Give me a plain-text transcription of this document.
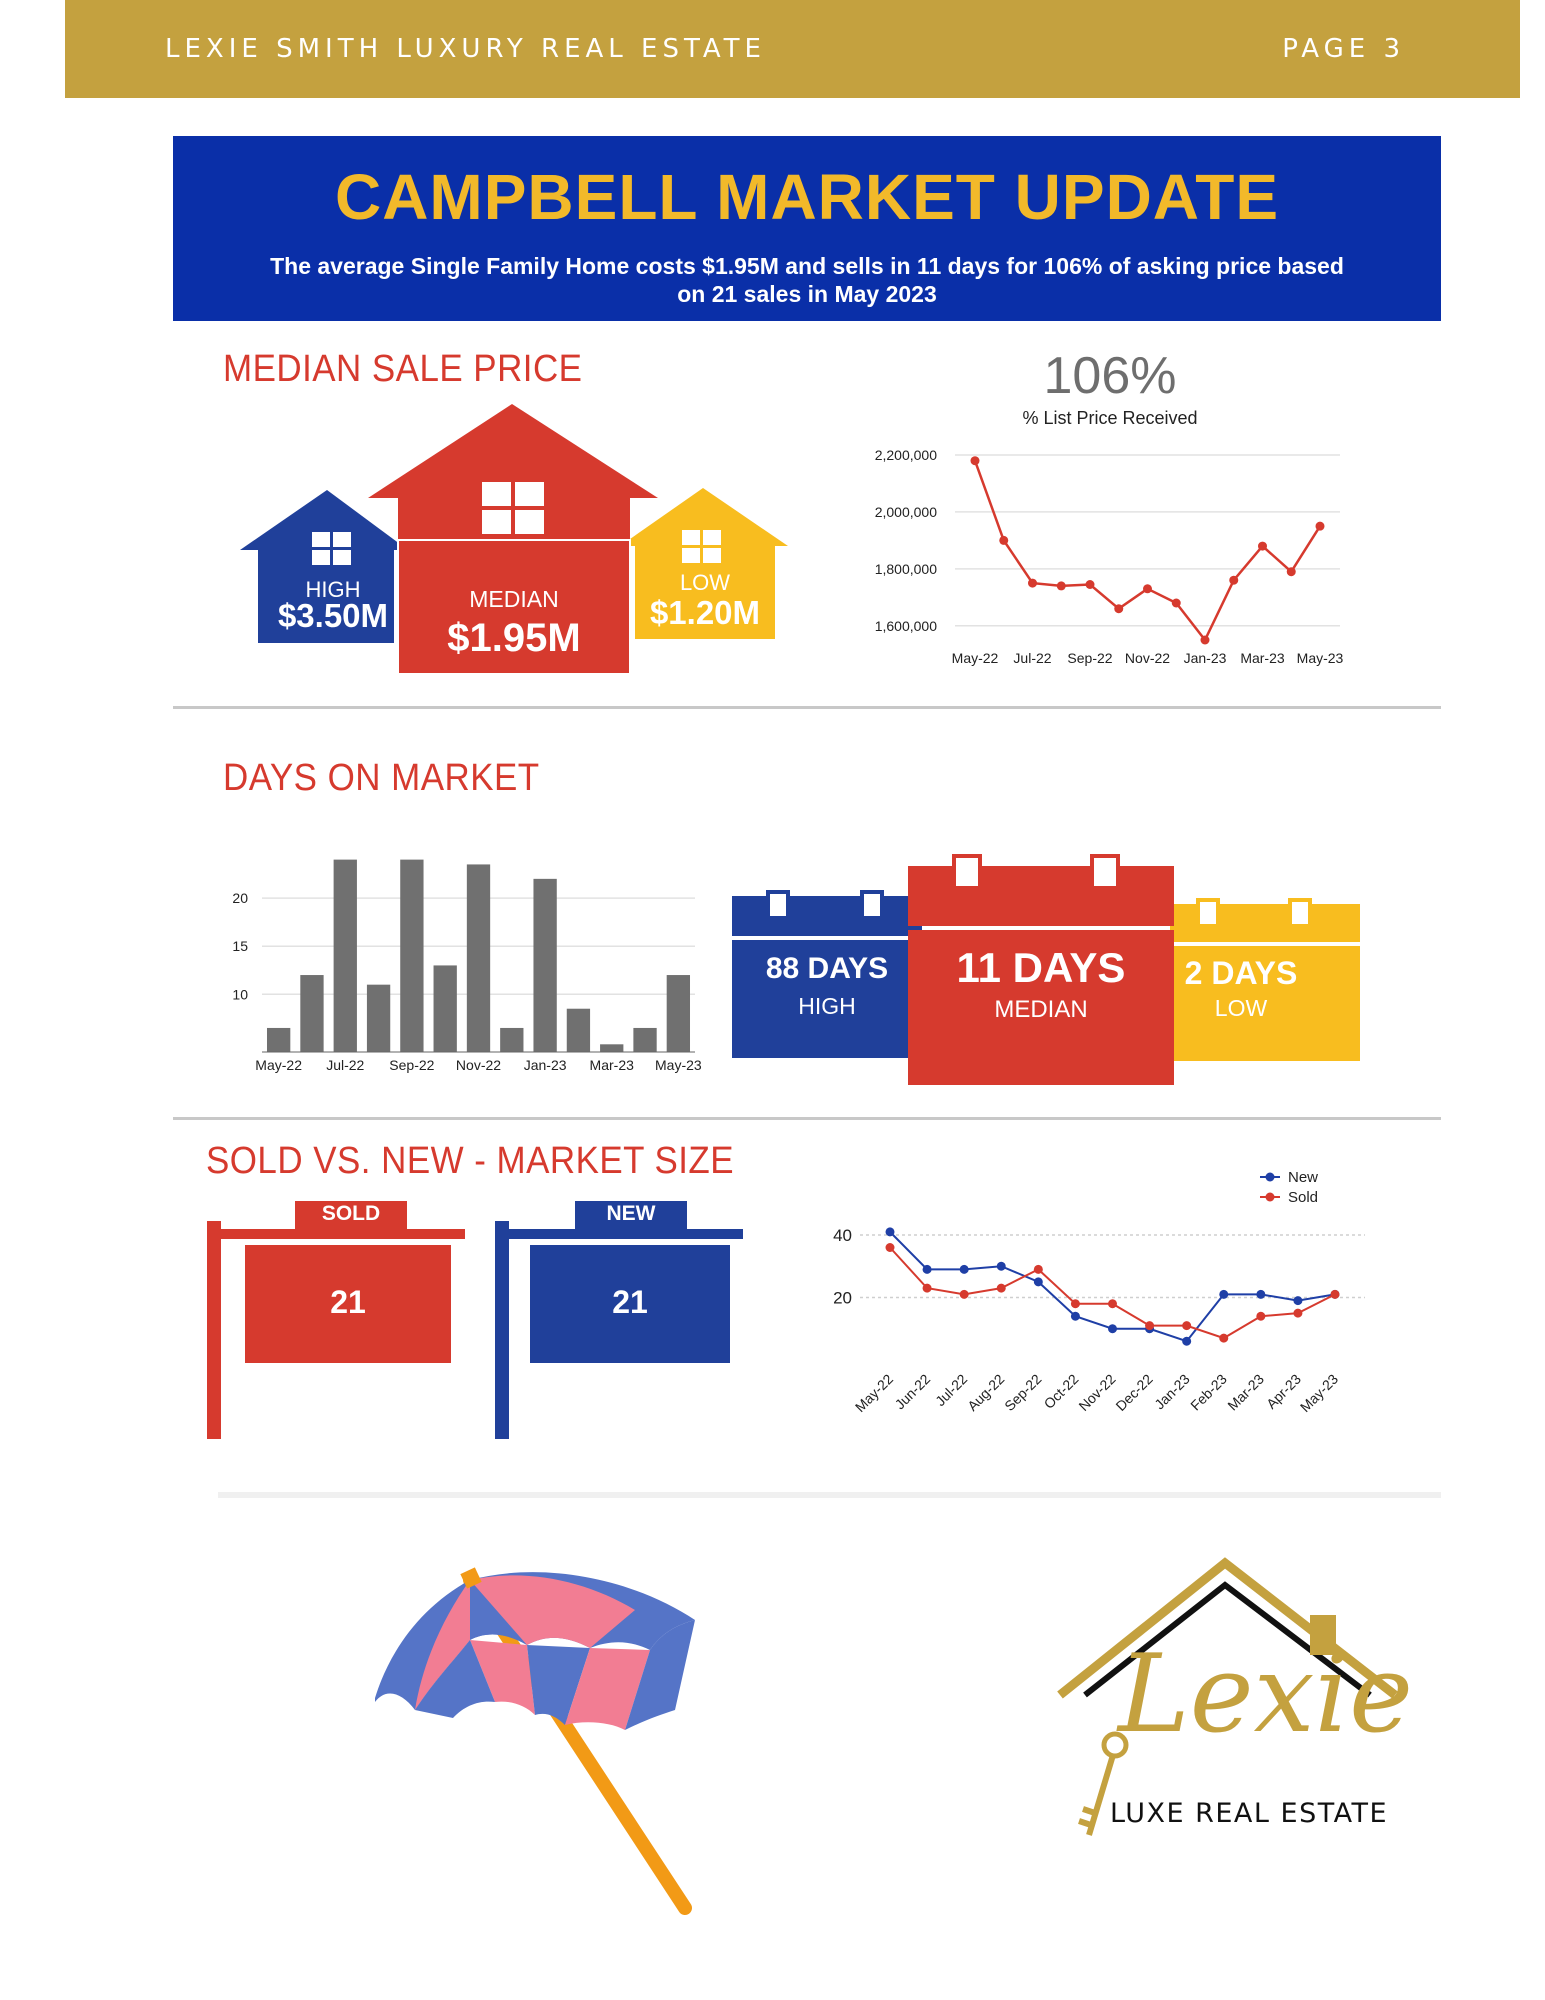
LEXIE SMITH LUXURY REAL ESTATE	PAGE 3
CAMPBELL MARKET UPDATE
The average Single Family Home costs $1.95M and sells in 11 days for 106% of asking price based on 21 sales in May 2023
MEDIAN SALE PRICE
HIGH
$3.50M	MEDIAN
$1.95M
LOW
$1.20M
106%
% List Price Received
1,600,000
1,800,000
2,000,000
2,200,000
May-22 Jul-22 Sep-22 Nov-22 Jan-23 Mar-23 May-23
DAYS ON MARKET
10
15
20
May-22 Jul-22 Sep-22 Nov-22 Jan-23 Mar-23 May-23
88 DAYS
HIGH
11 DAYS
MEDIAN
2 DAYS
LOW
SOLD VS. NEW - MARKET SIZE
SOLD
21
NEW
21	20
40
May-22
Jun-22
Jul-22
Aug-22
Sep-22
Oct-22
Nov-22
Dec-22
Jan-23
Feb-23
Mar-23
Apr-23
May-23
New
Sold
Lexie
LUXE REAL ESTATE
